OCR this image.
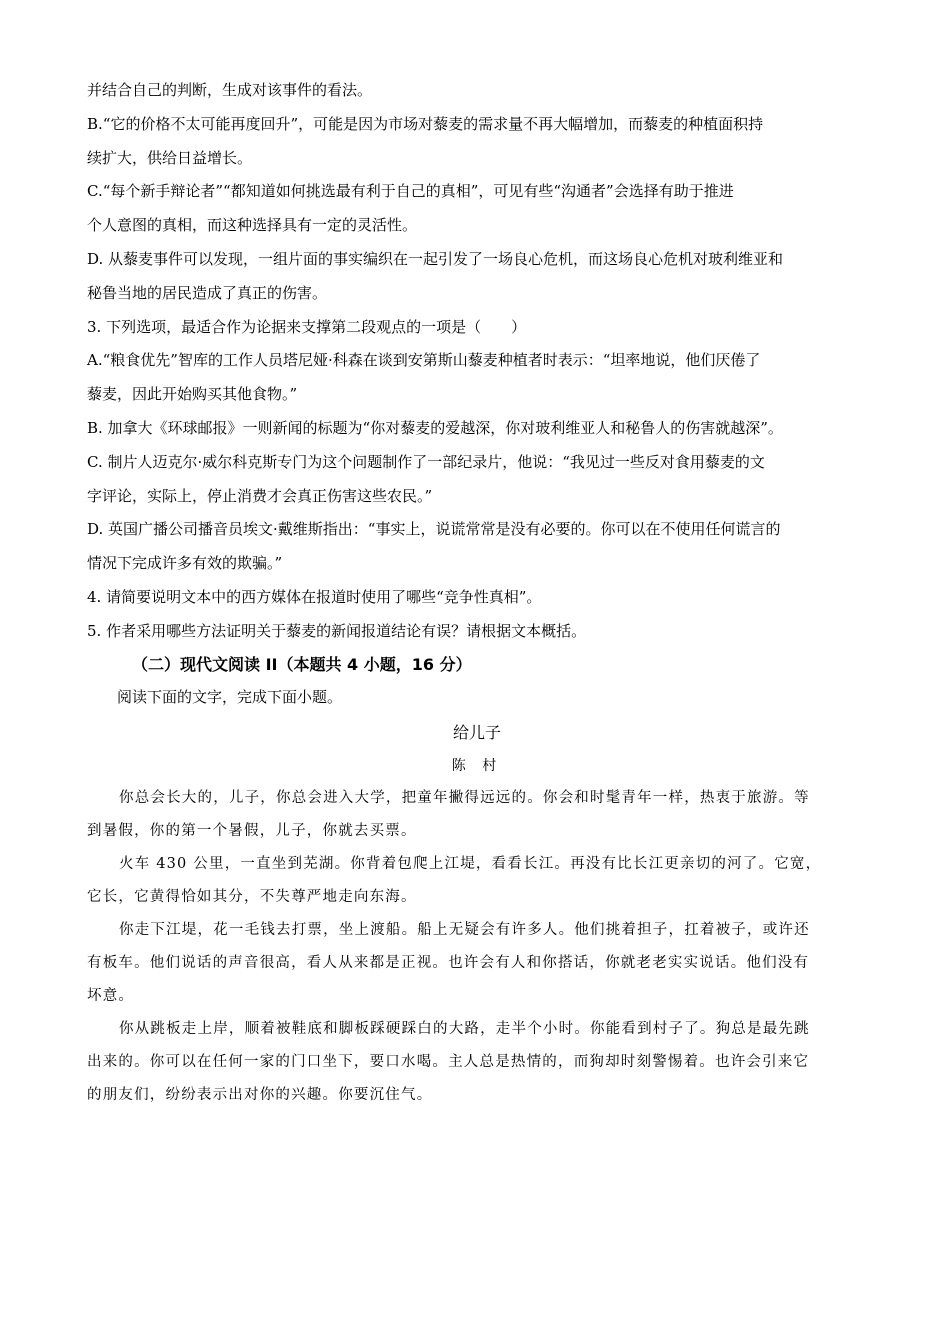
并结合自己的判断，生成对该事件的看法。
B.“它的价格不太可能再度回升”，可能是因为市场对藜麦的需求量不再大幅增加，而藜麦的种植面积持
续扩大，供给日益增长。
C.“每个新手辩论者”“都知道如何挑选最有利于自己的真相”，可见有些“沟通者”会选择有助于推进
个人意图的真相，而这种选择具有一定的灵活性。
D. 从藜麦事件可以发现，一组片面的事实编织在一起引发了一场良心危机，而这场良心危机对玻利维亚和
秘鲁当地的居民造成了真正的伤害。
3. 下列选项，最适合作为论据来支撑第二段观点的一项是（　　）
A.“粮食优先”智库的工作人员塔尼娅·科森在谈到安第斯山藜麦种植者时表示：“坦率地说，他们厌倦了
藜麦，因此开始购买其他食物。”
B. 加拿大《环球邮报》一则新闻的标题为“你对藜麦的爱越深，你对玻利维亚人和秘鲁人的伤害就越深”。
C. 制片人迈克尔·威尔科克斯专门为这个问题制作了一部纪录片，他说：“我见过一些反对食用藜麦的文
字评论，实际上，停止消费才会真正伤害这些农民。”
D. 英国广播公司播音员埃文·戴维斯指出：“事实上，说谎常常是没有必要的。你可以在不使用任何谎言的
情况下完成许多有效的欺骗。”
4. 请简要说明文本中的西方媒体在报道时使用了哪些“竞争性真相”。
5. 作者采用哪些方法证明关于藜麦的新闻报道结论有误？请根据文本概括。
（二）现代文阅读 II（本题共 4 小题，16 分）
阅读下面的文字，完成下面小题。
给儿子
陈 村
你总会长大的，儿子，你总会进入大学，把童年撇得远远的。你会和时髦青年一样，热衷于旅游。等
到暑假，你的第一个暑假，儿子，你就去买票。
火车 430 公里，一直坐到芜湖。你背着包爬上江堤，看看长江。再没有比长江更亲切的河了。它宽，
它长，它黄得恰如其分，不失尊严地走向东海。
你走下江堤，花一毛钱去打票，坐上渡船。船上无疑会有许多人。他们挑着担子，扛着被子，或许还
有板车。他们说话的声音很高，看人从来都是正视。也许会有人和你搭话，你就老老实实说话。他们没有
坏意。
你从跳板走上岸，顺着被鞋底和脚板踩硬踩白的大路，走半个小时。你能看到村子了。狗总是最先跳
出来的。你可以在任何一家的门口坐下，要口水喝。主人总是热情的，而狗却时刻警惕着。也许会引来它
的朋友们，纷纷表示出对你的兴趣。你要沉住气。
